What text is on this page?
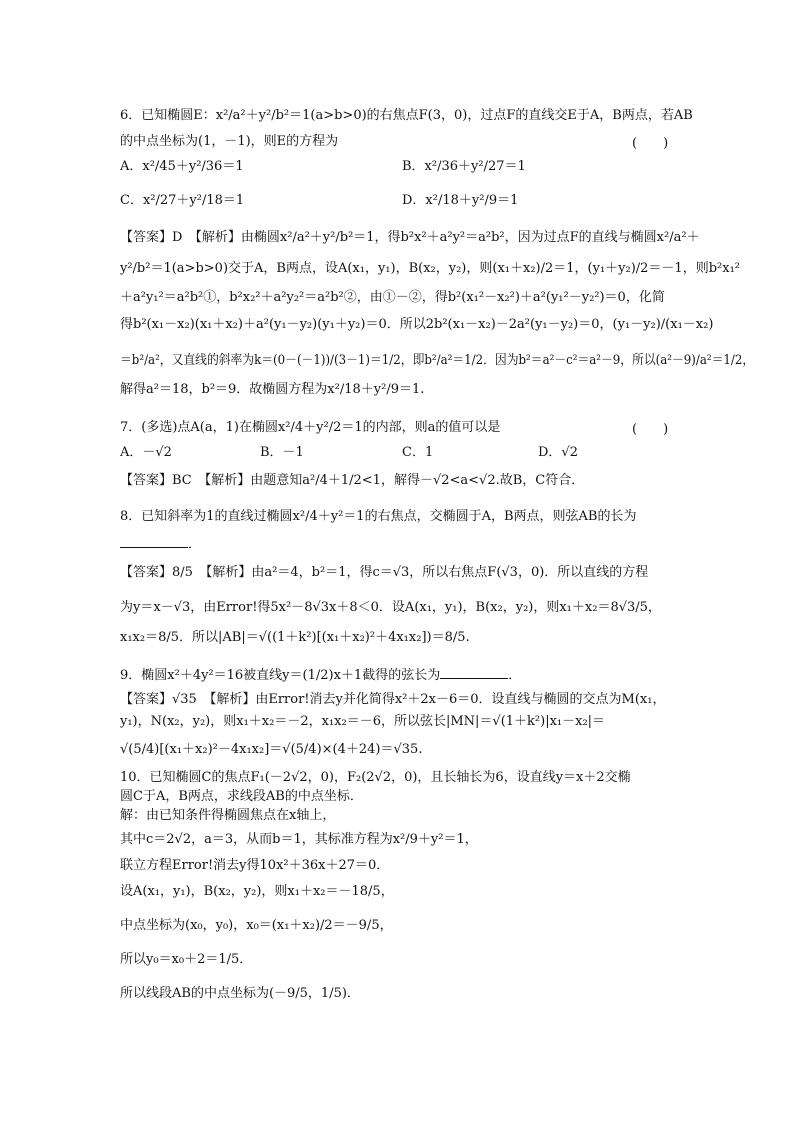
6．已知椭圆E：x²/a²＋y²/b²＝1(a>b>0)的右焦点F(3，0)，过点F的直线交E于A，B两点，若AB
的中点坐标为(1，－1)，则E的方程为	(　　)
A．x²/45＋y²/36＝1	B．x²/36＋y²/27＝1
C．x²/27＋y²/18＝1	D．x²/18＋y²/9＝1
【答案】D　【解析】由椭圆x²/a²＋y²/b²＝1，得b²x²＋a²y²＝a²b²，因为过点F的直线与椭圆x²/a²＋
y²/b²＝1(a>b>0)交于A，B两点，设A(x₁，y₁)，B(x₂，y₂)，则(x₁＋x₂)/2＝1，(y₁＋y₂)/2＝－1，则b²x₁²
＋a²y₁²＝a²b²①，b²x₂²＋a²y₂²＝a²b²②，由①－②，得b²(x₁²－x₂²)＋a²(y₁²－y₂²)＝0，化简
得b²(x₁－x₂)(x₁＋x₂)＋a²(y₁－y₂)(y₁＋y₂)＝0．所以2b²(x₁－x₂)－2a²(y₁－y₂)＝0，(y₁－y₂)/(x₁－x₂)
＝b²/a²，又直线的斜率为k＝(0－(－1))/(3－1)＝1/2，即b²/a²＝1/2．因为b²＝a²－c²＝a²－9，所以(a²－9)/a²＝1/2，
解得a²＝18，b²＝9．故椭圆方程为x²/18＋y²/9＝1.
7．(多选)点A(a，1)在椭圆x²/4＋y²/2＝1的内部，则a的值可以是	(　　)
A．－√2	B．－1	C．1	D．√2
【答案】BC　【解析】由题意知a²/4＋1/2<1，解得－√2<a<√2.故B，C符合．
8．已知斜率为1的直线过椭圆x²/4＋y²＝1的右焦点，交椭圆于A，B两点，则弦AB的长为
．
【答案】8/5　【解析】由a²＝4，b²＝1，得c＝√3，所以右焦点F(√3，0)．所以直线的方程
为y＝x－√3，由Error!得5x²－8√3x＋8＜0．设A(x₁，y₁)，B(x₂，y₂)，则x₁＋x₂＝8√3/5，
x₁x₂＝8/5．所以|AB|＝√((1＋k²)[(x₁＋x₂)²＋4x₁x₂])＝8/5.
9．椭圆x²＋4y²＝16被直线y＝(1/2)x＋1截得的弦长为	．
【答案】√35　【解析】由Error!消去y并化简得x²＋2x－6＝0．设直线与椭圆的交点为M(x₁，
y₁)，N(x₂，y₂)，则x₁＋x₂＝－2，x₁x₂＝－6，所以弦长|MN|＝√(1＋k²)|x₁－x₂|＝
√(5/4)[(x₁＋x₂)²－4x₁x₂]＝√(5/4)×(4＋24)＝√35.
10．已知椭圆C的焦点F₁(－2√2，0)，F₂(2√2，0)，且长轴长为6，设直线y＝x＋2交椭
圆C于A，B两点，求线段AB的中点坐标．
解：由已知条件得椭圆焦点在x轴上，
其中c＝2√2，a＝3，从而b＝1，其标准方程为x²/9＋y²＝1，
联立方程Error!消去y得10x²＋36x＋27＝0．
设A(x₁，y₁)，B(x₂，y₂)，则x₁＋x₂＝－18/5，
中点坐标为(x₀，y₀)，x₀＝(x₁＋x₂)/2＝－9/5，
所以y₀＝x₀＋2＝1/5．
所以线段AB的中点坐标为(－9/5，1/5)．
